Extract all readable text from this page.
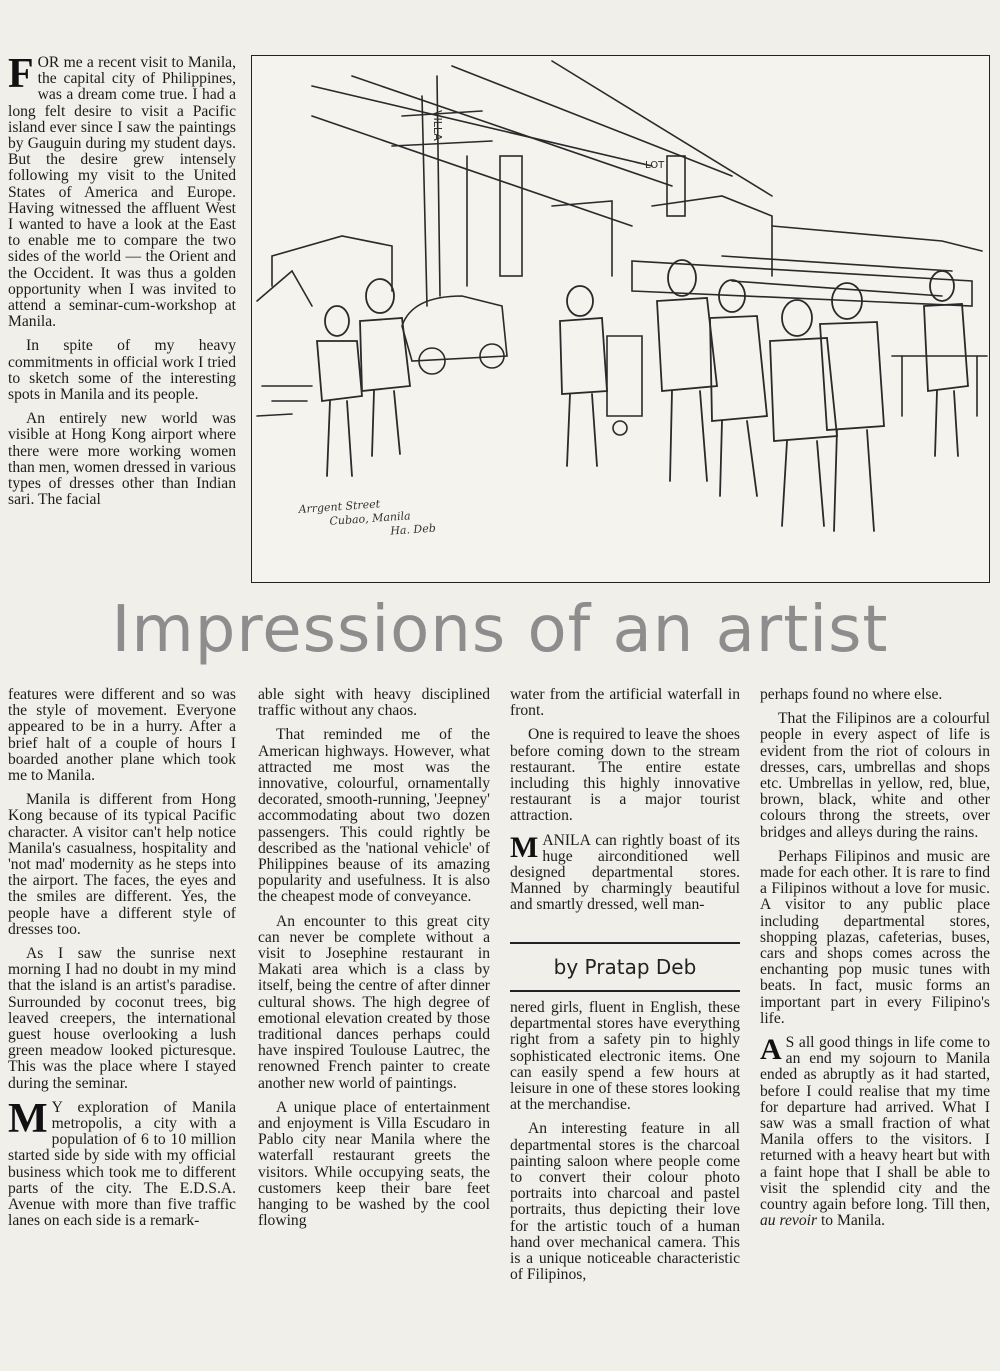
FOR me a recent visit to Manila, the capital city of Philippines, was a dream come true. I had a long felt desire to visit a Pacific island ever since I saw the paintings by Gauguin during my student days. But the desire grew intensely following my visit to the United States of America and Europe. Having witnessed the affluent West I wanted to have a look at the East to enable me to compare the two sides of the world — the Orient and the Occident. It was thus a golden opportunity when I was invited to attend a seminar-cum-workshop at Manila.

In spite of my heavy commitments in official work I tried to sketch some of the interesting spots in Manila and its people.

An entirely new world was visible at Hong Kong airport where there were more working women than men, women dressed in various types of dresses other than Indian sari. The facial

VILLA
LOT
Arrgent Street
Cubao, Manila
Ha. Deb
Impressions of an artist

features were different and so was the style of movement. Everyone appeared to be in a hurry. After a brief halt of a couple of hours I boarded another plane which took me to Manila.

Manila is different from Hong Kong because of its typical Pacific character. A visitor can't help notice Manila's casualness, hospitality and 'not mad' modernity as he steps into the airport. The faces, the eyes and the smiles are different. Yes, the people have a different style of dresses too.

As I saw the sunrise next morning I had no doubt in my mind that the island is an artist's paradise. Surrounded by coconut trees, big leaved creepers, the international guest house overlooking a lush green meadow looked picturesque. This was the place where I stayed during the seminar.

M Y exploration of Manila metropolis, a city with a population of 6 to 10 million started side by side with my official business which took me to different parts of the city. The E.D.S.A. Avenue with more than five traffic lanes on each side is a remark-

able sight with heavy disciplined traffic without any chaos.

That reminded me of the American highways. However, what attracted me most was the innovative, colourful, ornamentally decorated, smooth-running, 'Jeepney' accommodating about two dozen passengers. This could rightly be described as the 'national vehicle' of Philippines beause of its amazing popularity and usefulness. It is also the cheapest mode of conveyance.

An encounter to this great city can never be complete without a visit to Josephine restaurant in Makati area which is a class by itself, being the centre of after dinner cultural shows. The high degree of emotional elevation created by those traditional dances perhaps could have inspired Toulouse Lautrec, the renowned French painter to create another new world of paintings.

A unique place of entertainment and enjoyment is Villa Escudaro in Pablo city near Manila where the waterfall restaurant greets the visitors. While occupying seats, the customers keep their bare feet hanging to be washed by the cool flowing

water from the artificial waterfall in front.

One is required to leave the shoes before coming down to the stream restaurant. The entire estate including this highly innovative restaurant is a major tourist attraction.

MANILA can rightly boast of its huge airconditioned well designed departmental stores. Manned by charmingly beautiful and smartly dressed, well man-

by Pratap Deb

nered girls, fluent in English, these departmental stores have everything right from a safety pin to highly sophisticated electronic items. One can easily spend a few hours at leisure in one of these stores looking at the merchandise.

An interesting feature in all departmental stores is the charcoal painting saloon where people come to convert their colour photo portraits into charcoal and pastel portraits, thus depicting their love for the artistic touch of a human hand over mechanical camera. This is a unique noticeable characteristic of Filipinos,

perhaps found no where else.

That the Filipinos are a colourful people in every aspect of life is evident from the riot of colours in dresses, cars, umbrellas and shops etc. Umbrellas in yellow, red, blue, brown, black, white and other colours throng the streets, over bridges and alleys during the rains.

Perhaps Filipinos and music are made for each other. It is rare to find a Filipinos without a love for music. A visitor to any public place including departmental stores, shopping plazas, cafeterias, buses, cars and shops comes across the enchanting pop music tunes with beats. In fact, music forms an important part in every Filipino's life.

A S all good things in life come to an end my sojourn to Manila ended as abruptly as it had started, before I could realise that my time for departure had arrived. What I saw was a small fraction of what Manila offers to the visitors. I returned with a heavy heart but with a faint hope that I shall be able to visit the splendid city and the country again before long. Till then, au revoir to Manila.
